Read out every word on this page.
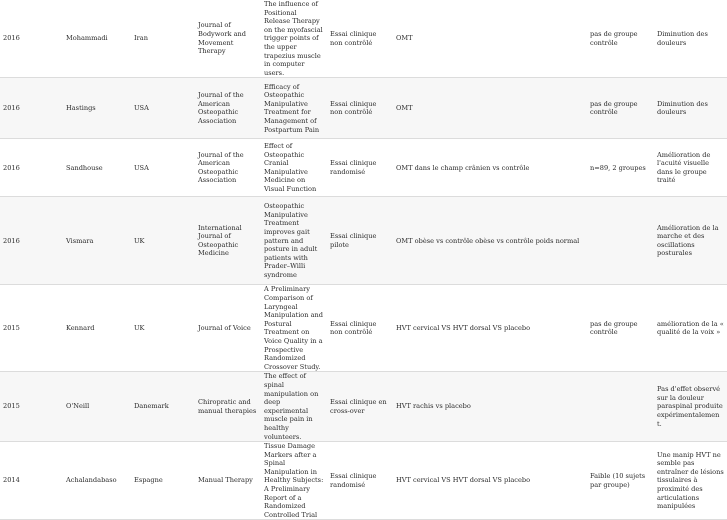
2016	Mohammadi	Iran	Journal of Bodywork and Movement Therapy	The influence of Positional Release Therapy on the myofascial trigger points of the upper trapezius muscle in computer users.	Essai clinique non contrôlé	OMT	pas de groupe contrôle	Diminution des douleurs
2016	Hastings	USA	Journal of the American Osteopathic Association	Efficacy of Osteopathic Manipulative Treatment for Management of Postpartum Pain	Essai clinique non contrôlé	OMT	pas de groupe contrôle	Diminution des douleurs
2016	Sandhouse	USA	Journal of the American Osteopathic Association	Effect of Osteopathic Cranial Manipulative Medicine on Visual Function	Essai clinique randomisé	OMT dans le champ crânien vs contrôle	n=89, 2 groupes	Amélioration de l'acuité visuelle dans le groupe traité
2016	Vismara	UK	International Journal of Osteopathic Medicine	Osteopathic Manipulative Treatment improves gait pattern and posture in adult patients with Prader–Willi syndrome	Essai clinique pilote	OMT obèse vs contrôle obèse vs contrôle poids normal		Amélioration de la marche et des oscillations posturales
2015	Kennard	UK	Journal of Voice	A Preliminary Comparison of Laryngeal Manipulation and Postural Treatment on Voice Quality in a Prospective Randomized Crossover Study.	Essai clinique non contrôlé	HVT cervical VS HVT dorsal VS placebo	pas de groupe contrôle	amélioration de la « qualité de la voix »
2015	O'Neill	Danemark	Chiropratic and manual therapies	The effect of spinal manipulation on deep experimental muscle pain in healthy volunteers.	Essai clinique en cross-over	HVT rachis vs placebo		Pas d'effet observé sur la douleur paraspinal produite expérimentalemen t.
2014	Achalandabaso	Espagne	Manual Therapy	Tissue Damage Markers after a Spinal Manipulation in Healthy Subjects: A Preliminary Report of a Randomized Controlled Trial	Essai clinique randomisé	HVT cervical VS HVT dorsal VS placebo	Faible (10 sujets par groupe)	Une manip HVT ne semble pas entraîner de lésions tissulaires à proximité des articulations manipulées
